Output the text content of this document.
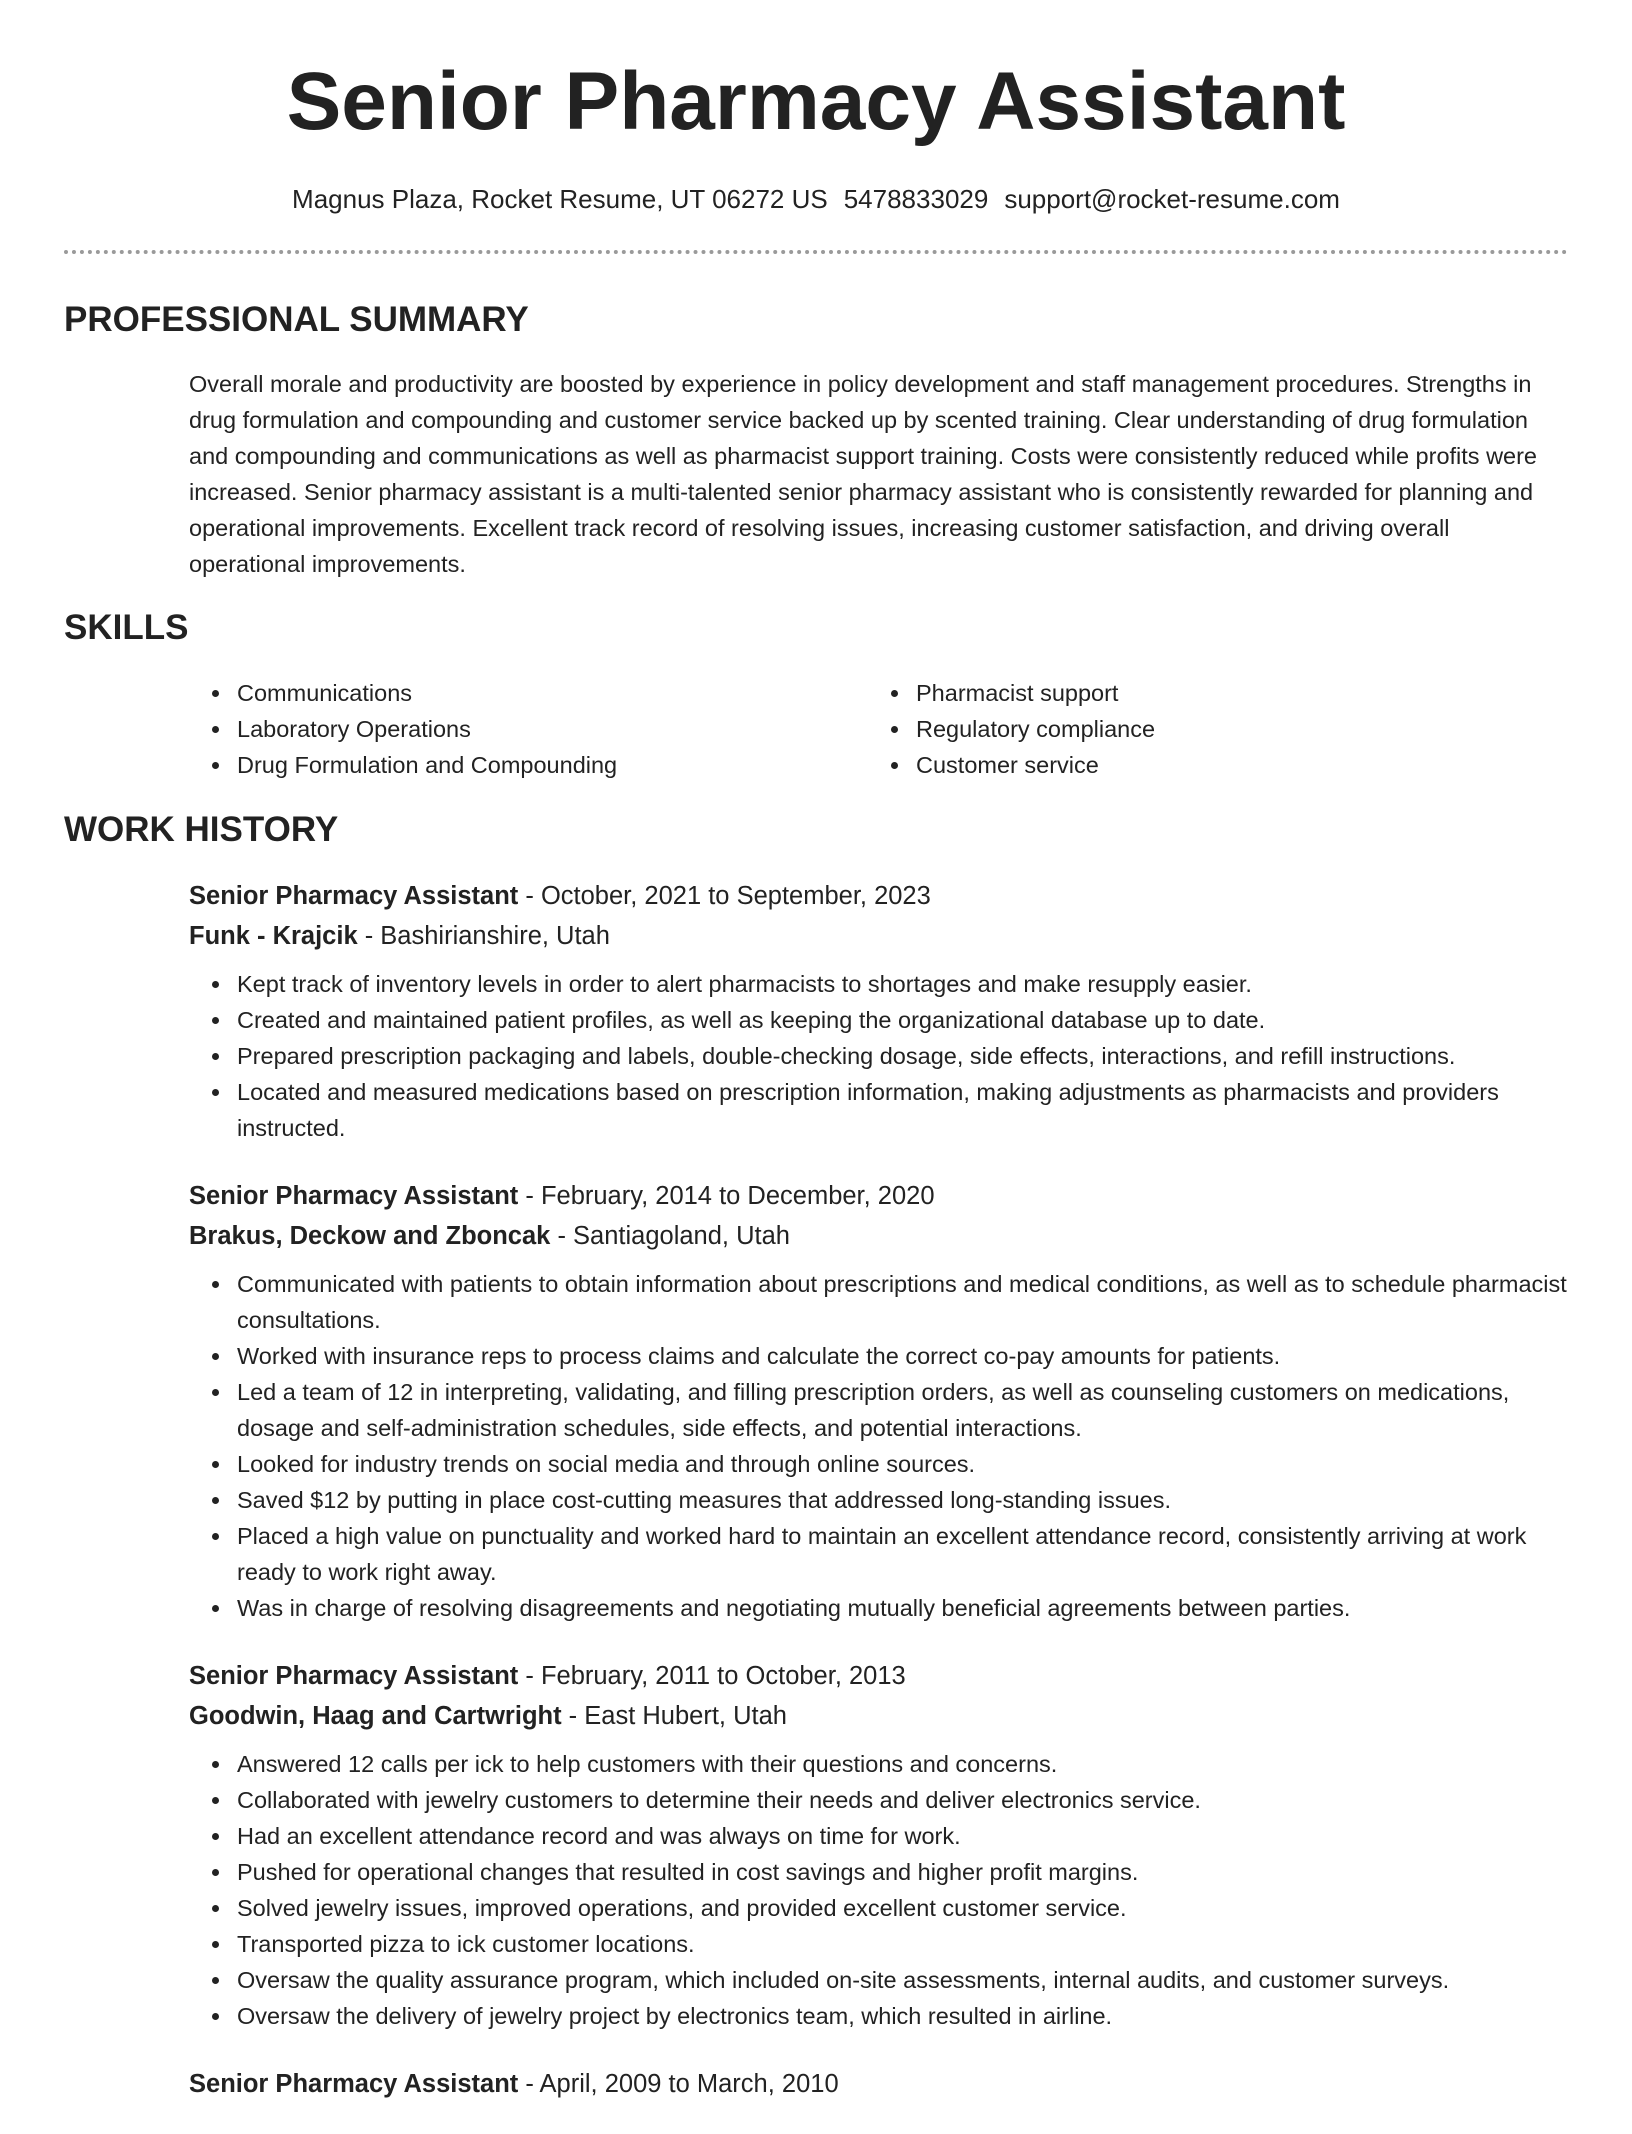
Senior Pharmacy Assistant
Magnus Plaza, Rocket Resume, UT 06272 US 5478833029 support@rocket-resume.com
PROFESSIONAL SUMMARY

Overall morale and productivity are boosted by experience in policy development and staff management procedures. Strengths in drug formulation and compounding and customer service backed up by scented training. Clear understanding of drug formulation and compounding and communications as well as pharmacist support training. Costs were consistently reduced while profits were increased. Senior pharmacy assistant is a multi-talented senior pharmacy assistant who is consistently rewarded for planning and operational improvements. Excellent track record of resolving issues, increasing customer satisfaction, and driving overall operational improvements.

SKILLS
• Communications
• Laboratory Operations
• Drug Formulation and Compounding
• Pharmacist support
• Regulatory compliance
• Customer service
WORK HISTORY

Senior Pharmacy Assistant - October, 2021 to September, 2023

Funk - Krajcik - Bashirianshire, Utah

• Kept track of inventory levels in order to alert pharmacists to shortages and make resupply easier.
• Created and maintained patient profiles, as well as keeping the organizational database up to date.
• Prepared prescription packaging and labels, double-checking dosage, side effects, interactions, and refill instructions.
• Located and measured medications based on prescription information, making adjustments as pharmacists and providers instructed.

Senior Pharmacy Assistant - February, 2014 to December, 2020

Brakus, Deckow and Zboncak - Santiagoland, Utah

• Communicated with patients to obtain information about prescriptions and medical conditions, as well as to schedule pharmacist consultations.
• Worked with insurance reps to process claims and calculate the correct co-pay amounts for patients.
• Led a team of 12 in interpreting, validating, and filling prescription orders, as well as counseling customers on medications, dosage and self-administration schedules, side effects, and potential interactions.
• Looked for industry trends on social media and through online sources.
• Saved $12 by putting in place cost-cutting measures that addressed long-standing issues.
• Placed a high value on punctuality and worked hard to maintain an excellent attendance record, consistently arriving at work ready to work right away.
• Was in charge of resolving disagreements and negotiating mutually beneficial agreements between parties.

Senior Pharmacy Assistant - February, 2011 to October, 2013

Goodwin, Haag and Cartwright - East Hubert, Utah

• Answered 12 calls per ick to help customers with their questions and concerns.
• Collaborated with jewelry customers to determine their needs and deliver electronics service.
• Had an excellent attendance record and was always on time for work.
• Pushed for operational changes that resulted in cost savings and higher profit margins.
• Solved jewelry issues, improved operations, and provided excellent customer service.
• Transported pizza to ick customer locations.
• Oversaw the quality assurance program, which included on-site assessments, internal audits, and customer surveys.
• Oversaw the delivery of jewelry project by electronics team, which resulted in airline.

Senior Pharmacy Assistant - April, 2009 to March, 2010
